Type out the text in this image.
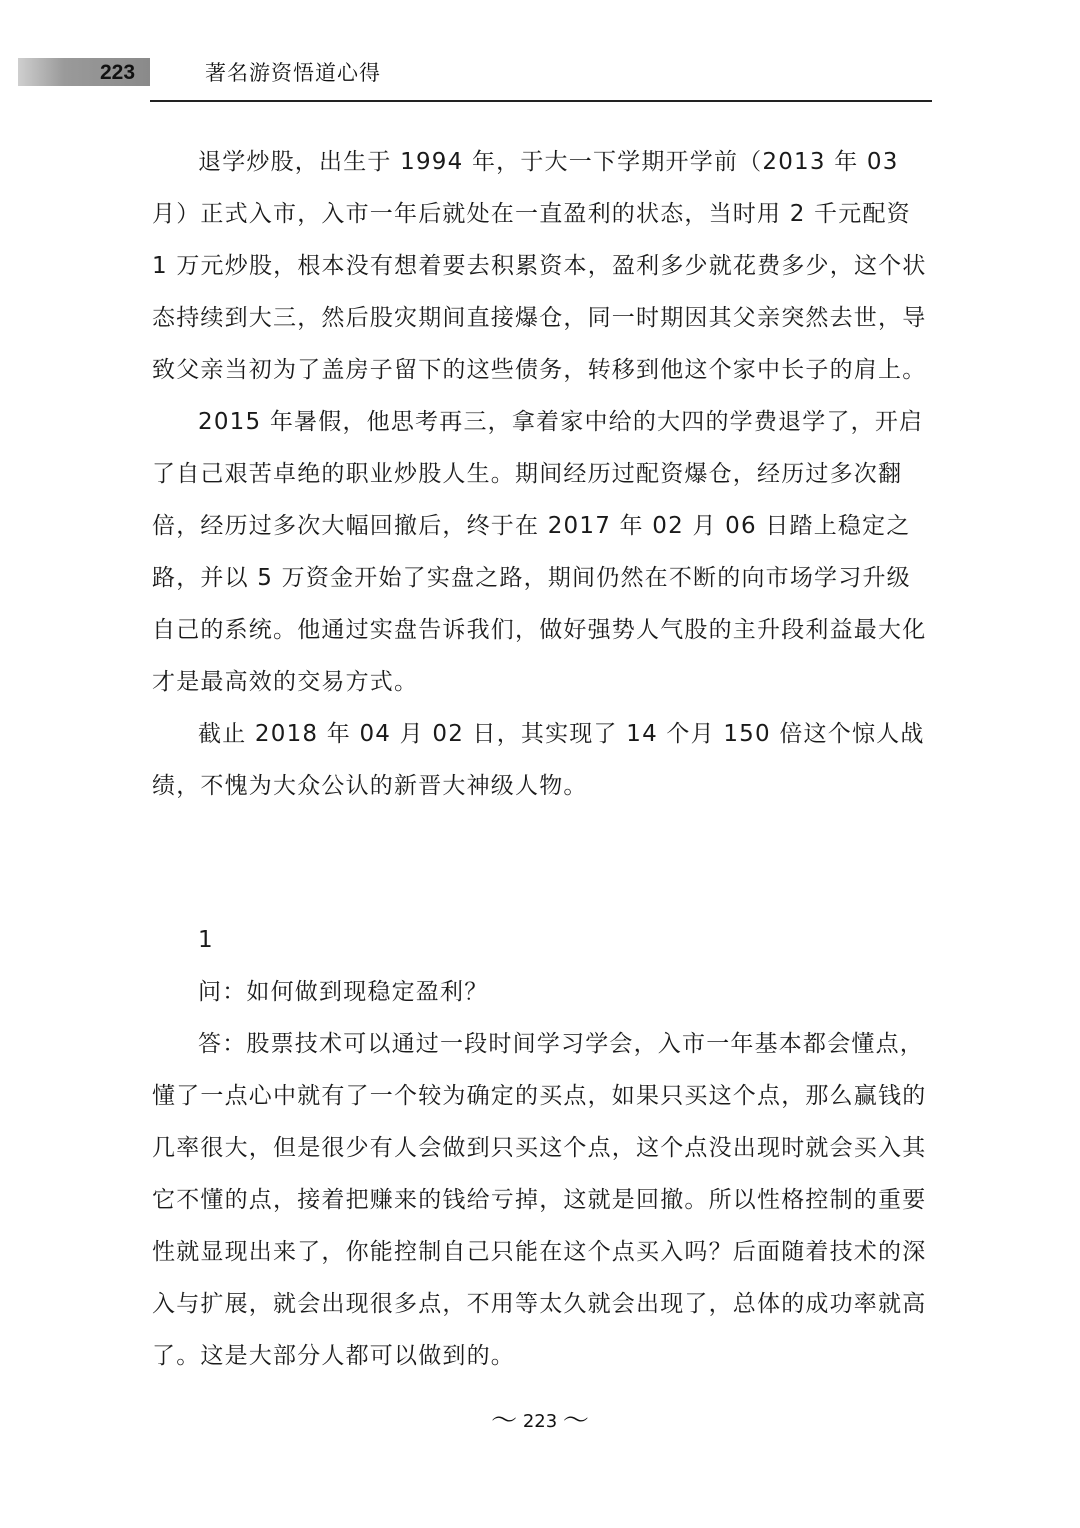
223	著名游资悟道心得

退学炒股，出生于 1994 年，于大一下学期开学前（2013 年 03 月）正式入市，入市一年后就处在一直盈利的状态，当时用 2 千元配资 1 万元炒股，根本没有想着要去积累资本，盈利多少就花费多少，这个状态持续到大三，然后股灾期间直接爆仓，同一时期因其父亲突然去世，导致父亲当初为了盖房子留下的这些债务，转移到他这个家中长子的肩上。

2015 年暑假，他思考再三，拿着家中给的大四的学费退学了，开启了自己艰苦卓绝的职业炒股人生。期间经历过配资爆仓，经历过多次翻倍，经历过多次大幅回撤后，终于在 2017 年 02 月 06 日踏上稳定之路，并以 5 万资金开始了实盘之路，期间仍然在不断的向市场学习升级自己的系统。他通过实盘告诉我们，做好强势人气股的主升段利益最大化才是最高效的交易方式。

截止 2018 年 04 月 02 日，其实现了 14 个月 150 倍这个惊人战绩，不愧为大众公认的新晋大神级人物。

1

问：如何做到现稳定盈利？

答：股票技术可以通过一段时间学习学会，入市一年基本都会懂点，懂了一点心中就有了一个较为确定的买点，如果只买这个点，那么赢钱的几率很大，但是很少有人会做到只买这个点，这个点没出现时就会买入其它不懂的点，接着把赚来的钱给亏掉，这就是回撤。所以性格控制的重要性就显现出来了，你能控制自己只能在这个点买入吗？后面随着技术的深入与扩展，就会出现很多点，不用等太久就会出现了，总体的成功率就高了。这是大部分人都可以做到的。

～ 223 ～
